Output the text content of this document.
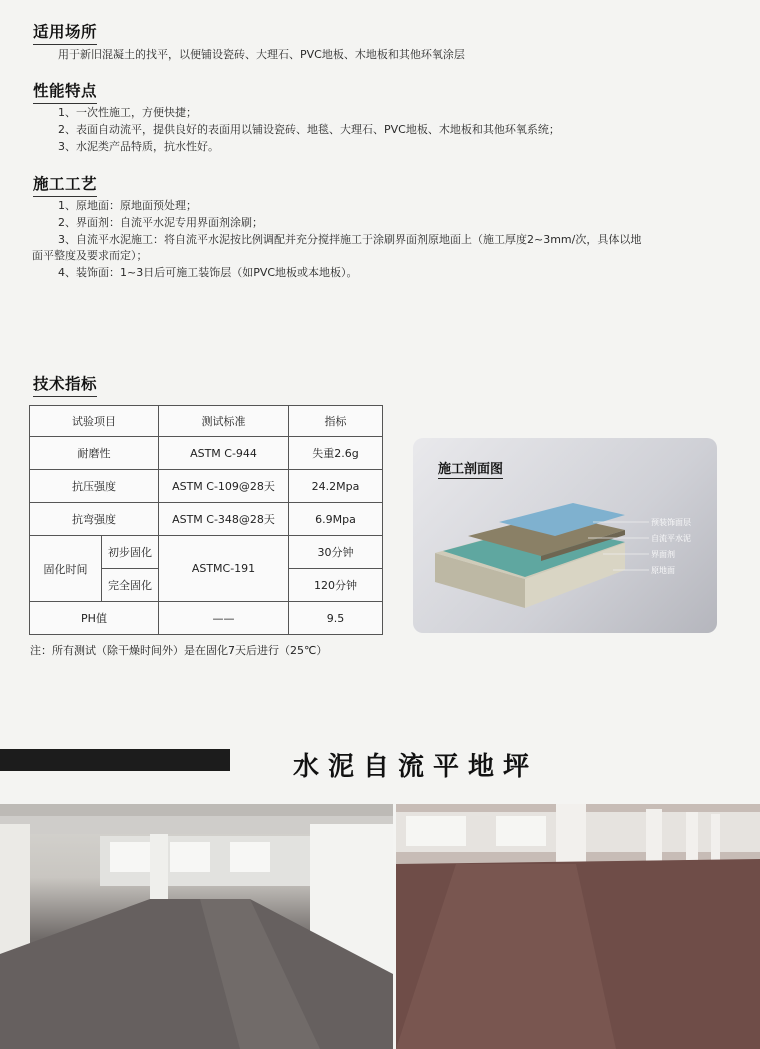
适用场所
用于新旧混凝土的找平，以便铺设瓷砖、大理石、PVC地板、木地板和其他环氧涂层
性能特点
1、一次性施工，方便快捷；
2、表面自动流平，提供良好的表面用以铺设瓷砖、地毯、大理石、PVC地板、木地板和其他环氧系统；
3、水泥类产品特质，抗水性好。
施工工艺
1、原地面：原地面预处理；
2、界面剂：自流平水泥专用界面剂涂刷；
3、自流平水泥施工：将自流平水泥按比例调配并充分搅拌施工于涂刷界面剂原地面上（施工厚度2~3mm/次，具体以地
面平整度及要求而定）；
4、装饰面：1~3日后可施工装饰层（如PVC地板或本地板）。
技术指标
试验项目		测试标准	指标
耐磨性		ASTM C-944	失重2.6g
抗压强度		ASTM C-109@28天	24.2Mpa
抗弯强度		ASTM C-348@28天	6.9Mpa
固化时间	初步固化	ASTMC-191	30分钟
	完全固化		120分钟
PH值		——	9.5
注：所有测试（除干燥时间外）是在固化7天后进行（25℃）
施工剖面图
预装饰面层
自流平水泥
界面剂
原地面
水泥自流平地坪
